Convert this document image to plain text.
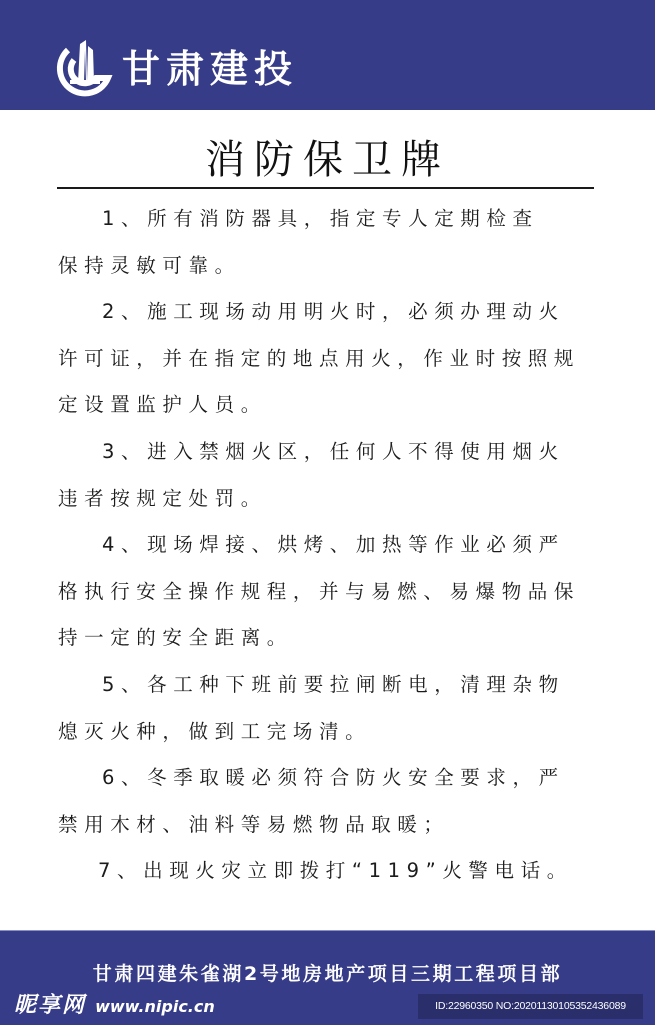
甘肃建投
消防保卫牌
1、所有消防器具，指定专人定期检查
保持灵敏可靠。
2、施工现场动用明火时，必须办理动火
许可证，并在指定的地点用火，作业时按照规
定设置监护人员。
3、进入禁烟火区，任何人不得使用烟火
违者按规定处罚。
4、现场焊接、烘烤、加热等作业必须严
格执行安全操作规程，并与易燃、易爆物品保
持一定的安全距离。
5、各工种下班前要拉闸断电，清理杂物
熄灭火种，做到工完场清。
6、冬季取暖必须符合防火安全要求，严
禁用木材、油料等易燃物品取暖；
7、出现火灾立即拨打“119”火警电话。
甘肃四建朱雀湖2号地房地产项目三期工程项目部
昵享网 www.nipic.cn	ID:22960350 NO:20201130105352436089
